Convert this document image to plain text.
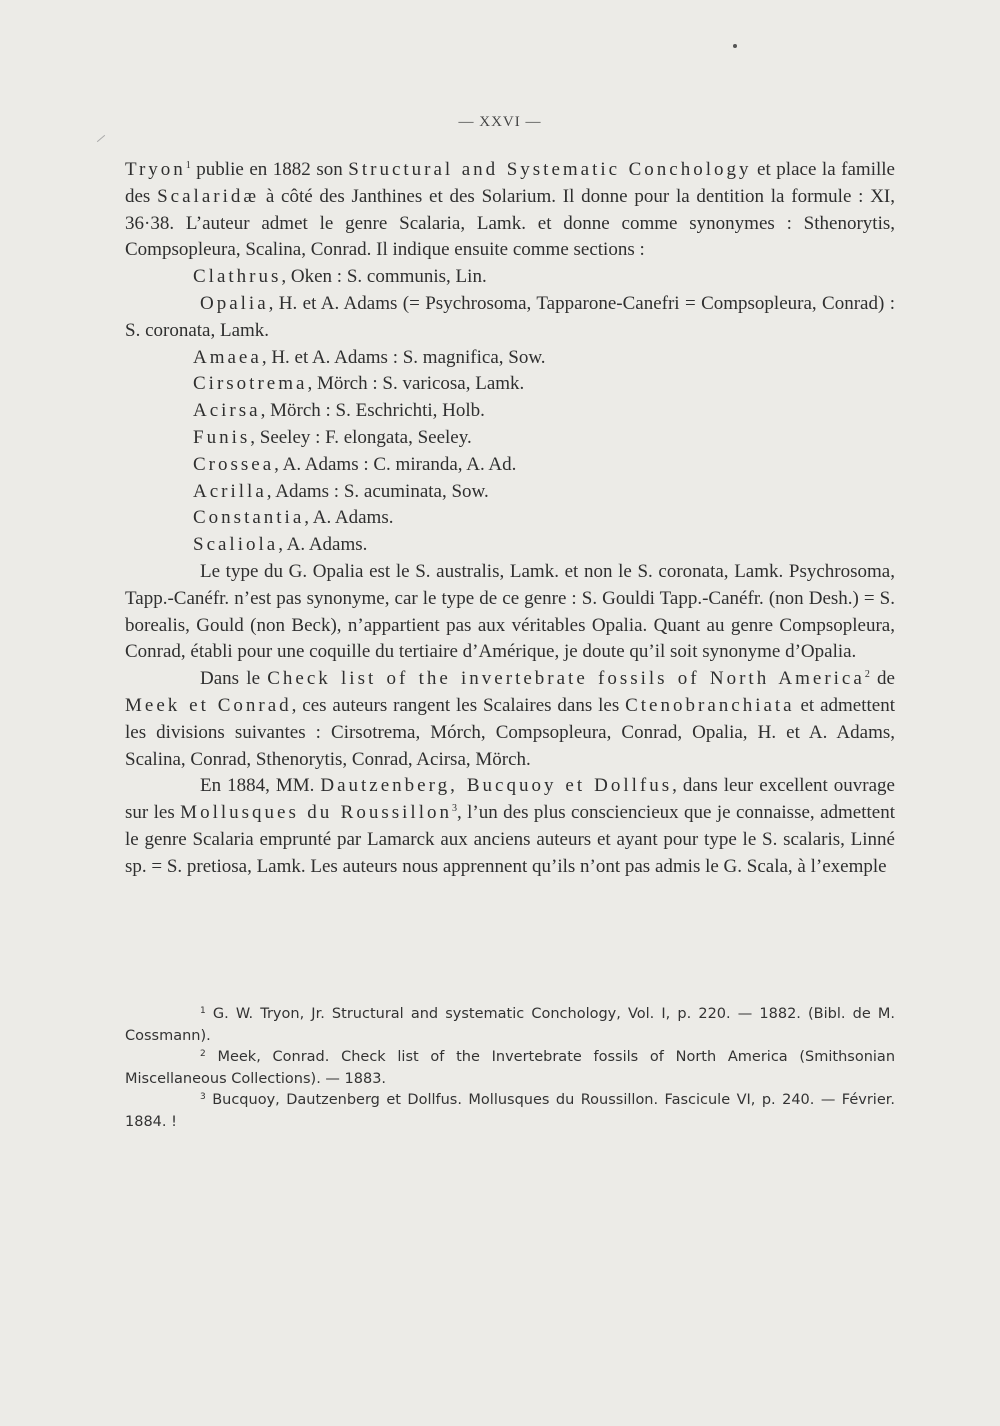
— XXVI —

Tryon$^1$ publie en 1882 son Structural and Systematic Conchology et place la famille des Scalaridæ à côté des Janthines et des Solarium. Il donne pour la dentition la formule : XI, 36·38. L’auteur admet le genre Scalaria, Lamk. et donne comme synonymes : Sthenorytis, Compsopleura, Scalina, Conrad. Il indique ensuite comme sections :

Clathrus, Oken : S. communis, Lin.

Opalia, H. et A. Adams (= Psychrosoma, Tapparone-Canefri = Compsopleura, Conrad) : S. coronata, Lamk.

Amaea, H. et A. Adams : S. magnifica, Sow.

Cirsotrema, Mörch : S. varicosa, Lamk.

Acirsa, Mörch : S. Eschrichti, Holb.

Funis, Seeley : F. elongata, Seeley.

Crossea, A. Adams : C. miranda, A. Ad.

Acrilla, Adams : S. acuminata, Sow.

Constantia, A. Adams.

Scaliola, A. Adams.

Le type du G. Opalia est le S. australis, Lamk. et non le S. coronata, Lamk. Psychrosoma, Tapp.-Canéfr. n’est pas synonyme, car le type de ce genre : S. Gouldi Tapp.-Canéfr. (non Desh.) = S. borealis, Gould (non Beck), n’appartient pas aux véritables Opalia. Quant au genre Compsopleura, Conrad, établi pour une coquille du tertiaire d’Amérique, je doute qu’il soit synonyme d’Opalia.

Dans le Check list of the invertebrate fossils of North America$^2$ de Meek et Conrad, ces auteurs rangent les Scalaires dans les Ctenobranchiata et admettent les divisions suivantes : Cirsotrema, Mórch, Compsopleura, Conrad, Opalia, H. et A. Adams, Scalina, Conrad, Sthenorytis, Conrad, Acirsa, Mörch.

En 1884, MM. Dautzenberg, Bucquoy et Dollfus, dans leur excellent ouvrage sur les Mollusques du Roussillon$^3$, l’un des plus consciencieux que je connaisse, admettent le genre Scalaria emprunté par Lamarck aux anciens auteurs et ayant pour type le S. scalaris, Linné sp. = S. pretiosa, Lamk. Les auteurs nous apprennent qu’ils n’ont pas admis le G. Scala, à l’exemple

$^1$ G. W. Tryon, Jr. Structural and systematic Conchology, Vol. I, p. 220. — 1882. (Bibl. de M. Cossmann).

$^2$ Meek, Conrad. Check list of the Invertebrate fossils of North America (Smithsonian Miscellaneous Collections). — 1883.

$^3$ Bucquoy, Dautzenberg et Dollfus. Mollusques du Roussillon. Fascicule VI, p. 240. — Février. 1884. !
